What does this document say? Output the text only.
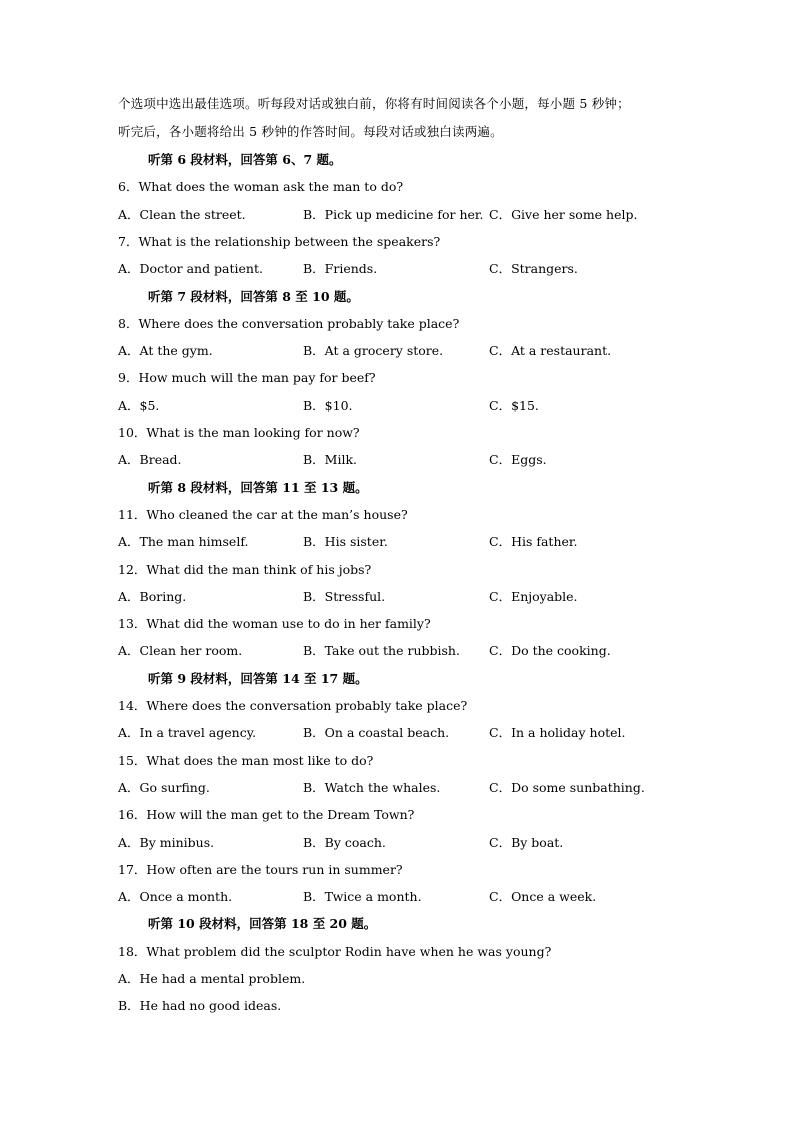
个选项中选出最佳选项。听每段对话或独白前，你将有时间阅读各个小题，每小题 5 秒钟；
听完后，各小题将给出 5 秒钟的作答时间。每段对话或独白读两遍。
听第 6 段材料，回答第 6、7 题。
6．What does the woman ask the man to do?
A．Clean the street.	B．Pick up medicine for her. C．Give her some help.
7．What is the relationship between the speakers?
A．Doctor and patient.	B．Friends.	C．Strangers.
听第 7 段材料，回答第 8 至 10 题。
8．Where does the conversation probably take place?
A．At the gym.	B．At a grocery store.	C．At a restaurant.
9．How much will the man pay for beef?
A．$5.	B．$10.	C．$15.
10．What is the man looking for now?
A．Bread.	B．Milk.	C．Eggs.
听第 8 段材料，回答第 11 至 13 题。
11．Who cleaned the car at the man’s house?
A．The man himself.	B．His sister.	C．His father.
12．What did the man think of his jobs?
A．Boring.	B．Stressful.	C．Enjoyable.
13．What did the woman use to do in her family?
A．Clean her room.	B．Take out the rubbish. C．Do the cooking.
听第 9 段材料，回答第 14 至 17 题。
14．Where does the conversation probably take place?
A．In a travel agency.	B．On a coastal beach.	C．In a holiday hotel.
15．What does the man most like to do?
A．Go surfing.	B．Watch the whales.	C．Do some sunbathing.
16．How will the man get to the Dream Town?
A．By minibus.	B．By coach.	C．By boat.
17．How often are the tours run in summer?
A．Once a month.	B．Twice a month.	C．Once a week.
听第 10 段材料，回答第 18 至 20 题。
18．What problem did the sculptor Rodin have when he was young?
A．He had a mental problem.
B．He had no good ideas.
